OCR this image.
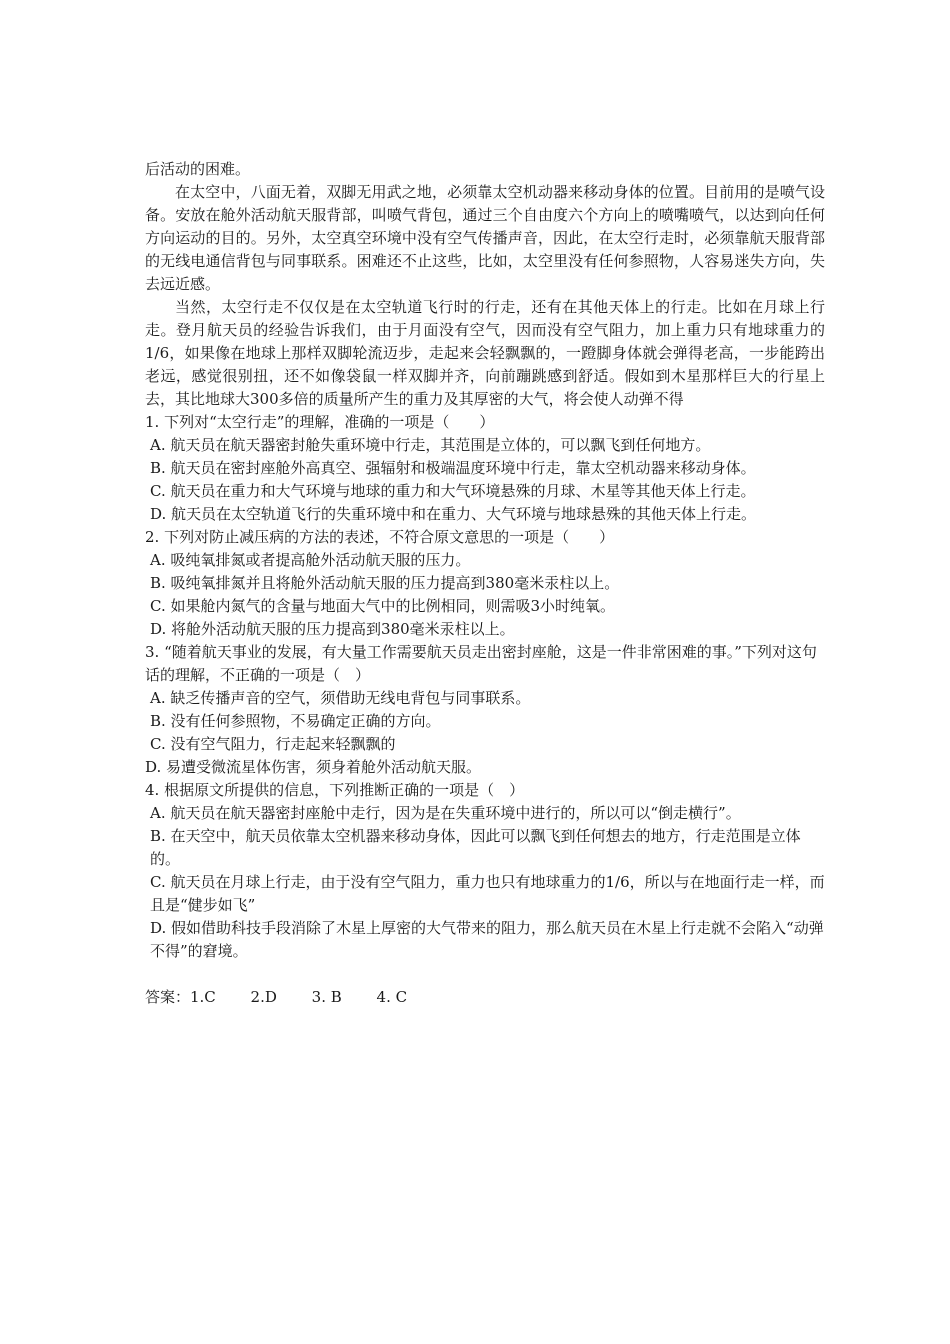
后活动的困难。

在太空中，八面无着，双脚无用武之地，必须靠太空机动器来移动身体的位置。目前用的是喷气设备。安放在舱外活动航天服背部，叫喷气背包，通过三个自由度六个方向上的喷嘴喷气，以达到向任何方向运动的目的。另外，太空真空环境中没有空气传播声音，因此，在太空行走时，必须靠航天服背部的无线电通信背包与同事联系。困难还不止这些，比如，太空里没有任何参照物，人容易迷失方向，失去远近感。

当然，太空行走不仅仅是在太空轨道飞行时的行走，还有在其他天体上的行走。比如在月球上行走。登月航天员的经验告诉我们，由于月面没有空气，因而没有空气阻力，加上重力只有地球重力的1/6，如果像在地球上那样双脚轮流迈步，走起来会轻飘飘的，一蹬脚身体就会弹得老高，一步能跨出老远，感觉很别扭，还不如像袋鼠一样双脚并齐，向前蹦跳感到舒适。假如到木星那样巨大的行星上去，其比地球大300多倍的质量所产生的重力及其厚密的大气，将会使人动弹不得

1. 下列对“太空行走”的理解，准确的一项是（　　）

A. 航天员在航天器密封舱失重环境中行走，其范围是立体的，可以飘飞到任何地方。

B. 航天员在密封座舱外高真空、强辐射和极端温度环境中行走，靠太空机动器来移动身体。

C. 航天员在重力和大气环境与地球的重力和大气环境悬殊的月球、木星等其他天体上行走。

D. 航天员在太空轨道飞行的失重环境中和在重力、大气环境与地球悬殊的其他天体上行走。

2. 下列对防止减压病的方法的表述，不符合原文意思的一项是（　　）

A. 吸纯氧排氮或者提高舱外活动航天服的压力。

B. 吸纯氧排氮并且将舱外活动航天服的压力提高到380毫米汞柱以上。

C. 如果舱内氮气的含量与地面大气中的比例相同，则需吸3小时纯氧。

D. 将舱外活动航天服的压力提高到380毫米汞柱以上。

3. “随着航天事业的发展，有大量工作需要航天员走出密封座舱，这是一件非常困难的事。”下列对这句话的理解，不正确的一项是（　）

A. 缺乏传播声音的空气，须借助无线电背包与同事联系。

B. 没有任何参照物，不易确定正确的方向。

C. 没有空气阻力，行走起来轻飘飘的

D. 易遭受微流星体伤害，须身着舱外活动航天服。

4. 根据原文所提供的信息，下列推断正确的一项是（　）

A. 航天员在航天器密封座舱中走行，因为是在失重环境中进行的，所以可以“倒走横行”。

B. 在天空中，航天员依靠太空机器来移动身体，因此可以飘飞到任何想去的地方，行走范围是立体的。

C. 航天员在月球上行走，由于没有空气阻力，重力也只有地球重力的1/6，所以与在地面行走一样，而且是“健步如飞”

D. 假如借助科技手段消除了木星上厚密的大气带来的阻力，那么航天员在木星上行走就不会陷入“动弹不得”的窘境。

答案：1.C　　 2.D　　 3. B　　 4. C
